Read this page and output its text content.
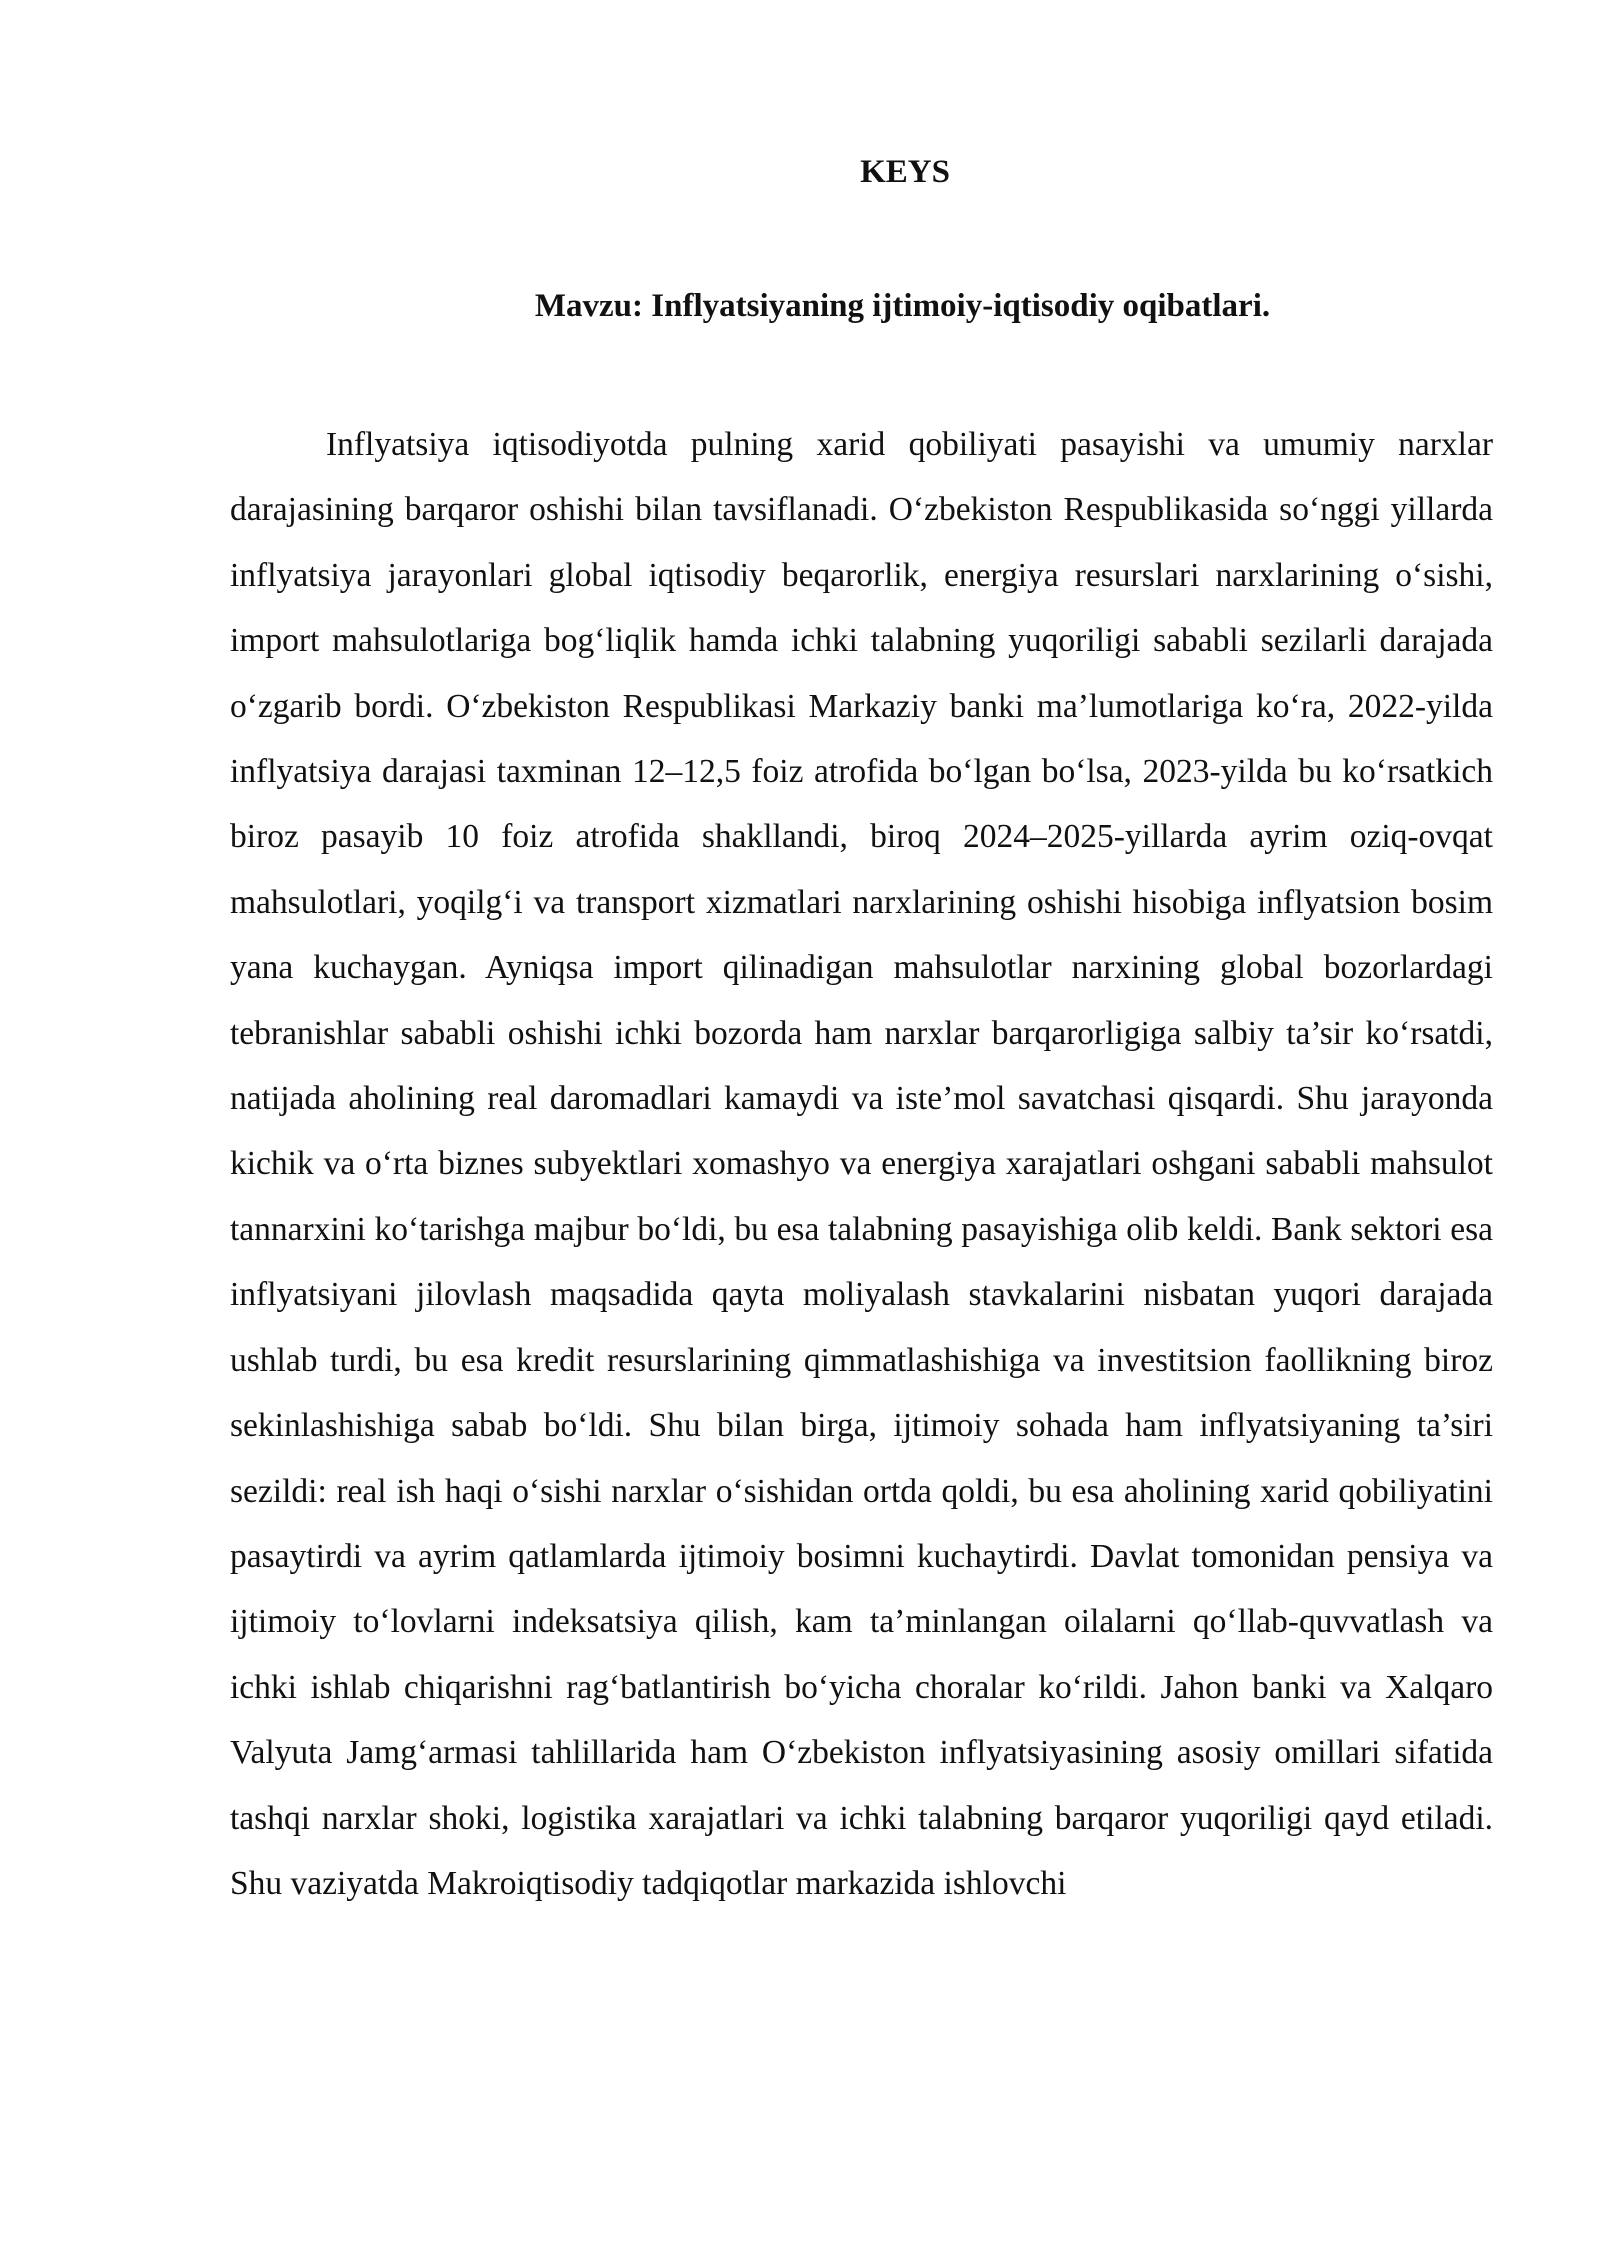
KEYS
Mavzu: Inflyatsiyaning ijtimoiy-iqtisodiy oqibatlari.

Inflyatsiya iqtisodiyotda pulning xarid qobiliyati pasayishi va umumiy narxlar darajasining barqaror oshishi bilan tavsiflanadi. O‘zbekiston Respublikasida so‘nggi yillarda inflyatsiya jarayonlari global iqtisodiy beqarorlik, energiya resurslari narxlarining o‘sishi, import mahsulotlariga bog‘liqlik hamda ichki talabning yuqoriligi sababli sezilarli darajada o‘zgarib bordi. O‘zbekiston Respublikasi Markaziy banki ma’lumotlariga ko‘ra, 2022-yilda inflyatsiya darajasi taxminan 12–12,5 foiz atrofida bo‘lgan bo‘lsa, 2023-yilda bu ko‘rsatkich biroz pasayib 10 foiz atrofida shakllandi, biroq 2024–2025-yillarda ayrim oziq-ovqat mahsulotlari, yoqilg‘i va transport xizmatlari narxlarining oshishi hisobiga inflyatsion bosim yana kuchaygan. Ayniqsa import qilinadigan mahsulotlar narxining global bozorlardagi tebranishlar sababli oshishi ichki bozorda ham narxlar barqarorligiga salbiy ta’sir ko‘rsatdi, natijada aholining real daromadlari kamaydi va iste’mol savatchasi qisqardi. Shu jarayonda kichik va o‘rta biznes subyektlari xomashyo va energiya xarajatlari oshgani sababli mahsulot tannarxini ko‘tarishga majbur bo‘ldi, bu esa talabning pasayishiga olib keldi. Bank sektori esa inflyatsiyani jilovlash maqsadida qayta moliyalash stavkalarini nisbatan yuqori darajada ushlab turdi, bu esa kredit resurslarining qimmatlashishiga va investitsion faollikning biroz sekinlashishiga sabab bo‘ldi. Shu bilan birga, ijtimoiy sohada ham inflyatsiyaning ta’siri sezildi: real ish haqi o‘sishi narxlar o‘sishidan ortda qoldi, bu esa aholining xarid qobiliyatini pasaytirdi va ayrim qatlamlarda ijtimoiy bosimni kuchaytirdi. Davlat tomonidan pensiya va ijtimoiy to‘lovlarni indeksatsiya qilish, kam ta’minlangan oilalarni qo‘llab-quvvatlash va ichki ishlab chiqarishni rag‘batlantirish bo‘yicha choralar ko‘rildi. Jahon banki va Xalqaro Valyuta Jamg‘armasi tahlillarida ham O‘zbekiston inflyatsiyasining asosiy omillari sifatida tashqi narxlar shoki, logistika xarajatlari va ichki talabning barqaror yuqoriligi qayd etiladi. Shu vaziyatda Makroiqtisodiy tadqiqotlar markazida ishlovchi
